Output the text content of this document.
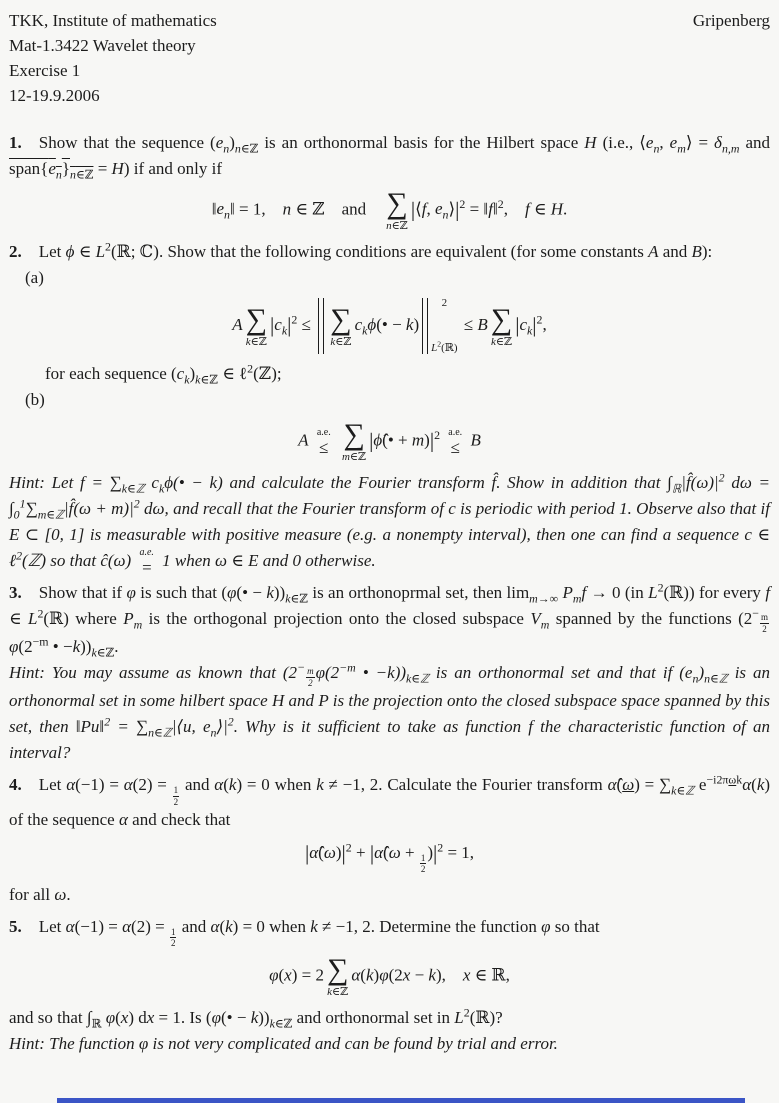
TKK, Institute of mathematics
Mat-1.3422 Wavelet theory
Exercise 1
12-19.9.2006
Gripenberg

1. Show that the sequence $(e_n)_{n\in ℤ}$ is an orthonormal basis for the Hilbert space H (i.e., $⟨e_n$, $e_m⟩ = \delta_{n,m}$ and $span\{e_n\}_{n\in ℤ} = H$) if and only if

$‖e_n‖ = 1$, n ∈ ℤ and  ∑
n∈ℤ
|⟨f, $e_n⟩|^2$ = ‖f‖$^2$, f ∈ H.

2. Let ϕ ∈ $L^2(ℝ$; ℂ). Show that the following conditions are equivalent (for some constants A and B):

(a)
A ∑
k∈ℤ
$|c_k|^2$ ≤ ∑
k∈ℤ
$c_k\phi(• - k)$
2
$L^2(ℝ)$
≤ B ∑
k∈ℤ
$|c_k|^2$,
for each sequence $(c_k)_{k\in ℤ}$ ∈ ℓ$^2$(ℤ);
(b)
A a.e.
≤
∑
m∈ℤ
|ϕ̂(• + $m)|^2$ a.e.
≤ B

Hint: Let $f = \sum_{k\in ℤ}$ $c_k\phi(• - k)$ and calculate the Fourier transform f̂. Show in addition that $\int_ℝ|f̂(\omega)|^2$ $d\omega = \int_0^1\sum_{m\in ℤ}|f̂(\omega + m)|^2$ dω, and recall that the Fourier transform of c is periodic with period 1. Observe also that if E ⊂ [0, 1] is measurable with positive measure (e.g. a nonempty interval), then one can find a sequence c ∈ ℓ$^2$(ℤ) so that ĉ(ω) a.e.
= 1 when ω ∈ E and 0 otherwise.

3. Show that if φ is such that (φ(• − $k))_{k\in ℤ}$ is an orthonoprmal set, then $\lim_{m\to\infty} P_mf \to 0$ (in $L^2(ℝ)$) for every f ∈ $L^2(ℝ)$ where $P_m$ is the orthogonal projection onto the closed subspace $V_m$ spanned by the functions ($2^{- \frac{m}{2}}$
$\varphi(2^{-m}$ • $-k))_{k\in ℤ}$.

Hint: You may assume as known that ($2^{- \frac{m}{2}}$ $\varphi(2^{-m}$ • $-k))_{k\in ℤ}$ is an orthonormal set and that if $(e_n)_{n\in ℤ}$ is an orthonormal set in some hilbert space H and P is the projection onto the closed subspace space spanned by this set, then ‖Pu‖$^2$ = $\sum_{n\in ℤ}|⟨u$, $e_n⟩|^2$. Why is it sufficient to take as function f the characteristic function of an interval?

4. Let α(−1) = α(2) =
$\frac{1}{2}$
and α(k) = 0 when k ≠ −1, 2. Calculate the Fourier transform α̂(ω) = $\sum_{k\in ℤ}$ $e^{-i2\pi\omega k}\alpha(k)$ of the sequence α and check that

$|\alphâ(\omega)|^2$ + |α̂(ω +
$\frac{1}{2}$
)$|^2 = 1$,

for all ω.

5. Let α(−1) = α(2) =
$\frac{1}{2}$
and α(k) = 0 when k ≠ −1, 2. Determine the function φ so that

φ(x) = 2 ∑
k∈ℤ
α(k)φ(2x − k), x ∈ ℝ,

and so that $\int_ℝ$ φ(x) dx = 1. Is (φ(• − $k))_{k\in ℤ}$ and orthonormal set in $L^2(ℝ)$?

Hint: The function φ is not very complicated and can be found by trial and error.
